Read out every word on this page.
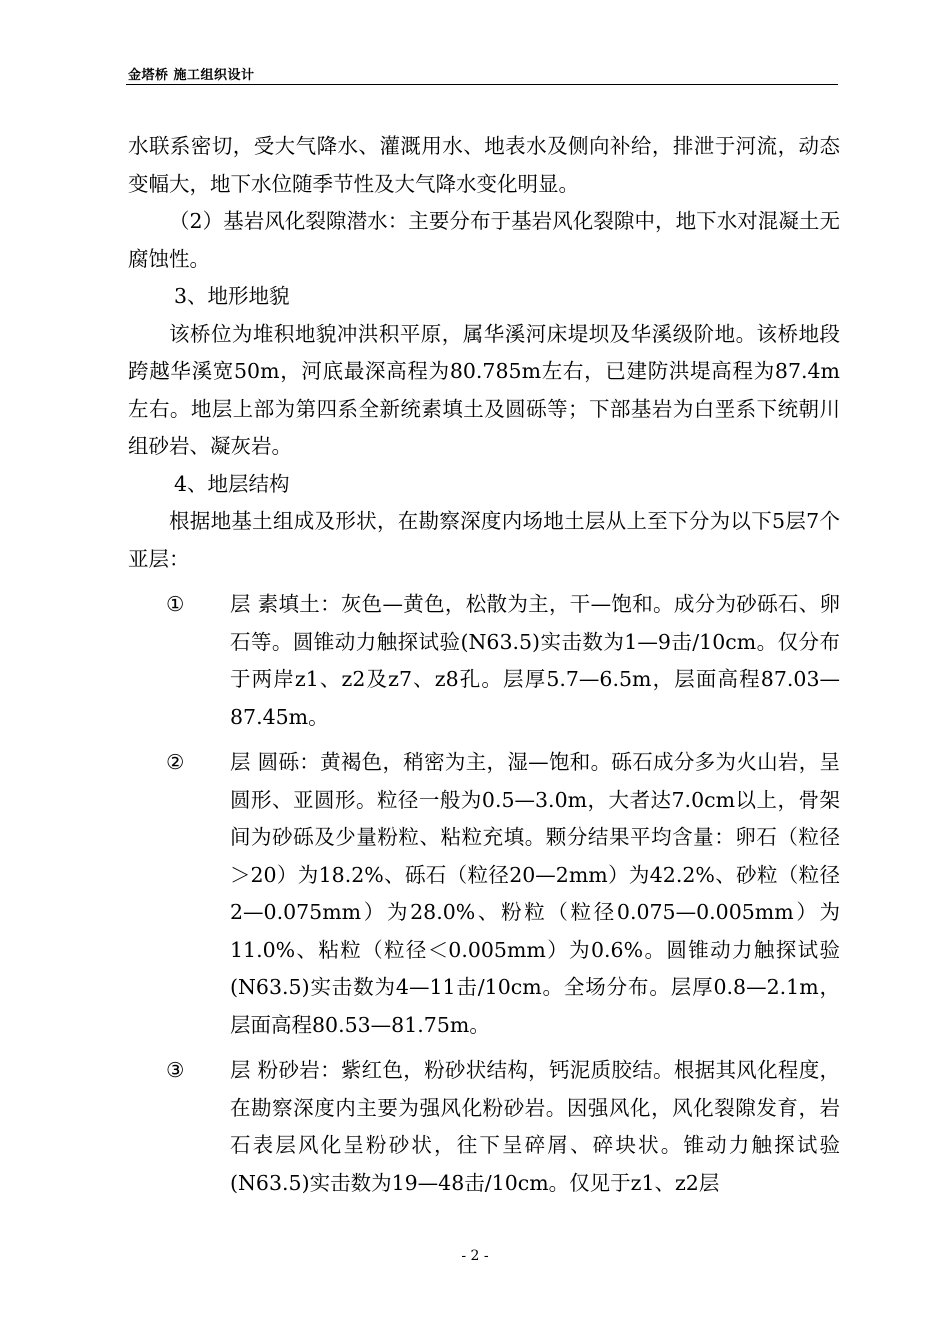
金塔桥 施工组织设计

水联系密切，受大气降水、灌溉用水、地表水及侧向补给，排泄于河流，动态变幅大，地下水位随季节性及大气降水变化明显。

（2）基岩风化裂隙潜水：主要分布于基岩风化裂隙中，地下水对混凝土无腐蚀性。

3、地形地貌

该桥位为堆积地貌冲洪积平原，属华溪河床堤坝及华溪级阶地。该桥地段跨越华溪宽50m，河底最深高程为80.785m左右，已建防洪堤高程为87.4m左右。地层上部为第四系全新统素填土及圆砾等；下部基岩为白垩系下统朝川组砂岩、凝灰岩。

4、地层结构

根据地基土组成及形状，在勘察深度内场地土层从上至下分为以下5层7个亚层：

①	层 素填土：灰色—黄色，松散为主，干—饱和。成分为砂砾石、卵石等。圆锥动力触探试验(N63.5)实击数为1—9击/10cm。仅分布于两岸z1、z2及z7、z8孔。层厚5.7—6.5m，层面高程87.03—87.45m。
②	层 圆砾：黄褐色，稍密为主，湿—饱和。砾石成分多为火山岩，呈圆形、亚圆形。粒径一般为0.5—3.0m，大者达7.0cm以上，骨架间为砂砾及少量粉粒、粘粒充填。颗分结果平均含量：卵石（粒径＞20）为18.2%、砾石（粒径20—2mm）为42.2%、砂粒（粒径2—0.075mm）为28.0%、粉粒（粒径0.075—0.005mm）为11.0%、粘粒（粒径＜0.005mm）为0.6%。圆锥动力触探试验(N63.5)实击数为4—11击/10cm。全场分布。层厚0.8—2.1m，层面高程80.53—81.75m。
③	层 粉砂岩：紫红色，粉砂状结构，钙泥质胶结。根据其风化程度，在勘察深度内主要为强风化粉砂岩。因强风化，风化裂隙发育，岩石表层风化呈粉砂状，往下呈碎屑、碎块状。锥动力触探试验(N63.5)实击数为19—48击/10cm。仅见于z1、z2层
- 2 -
